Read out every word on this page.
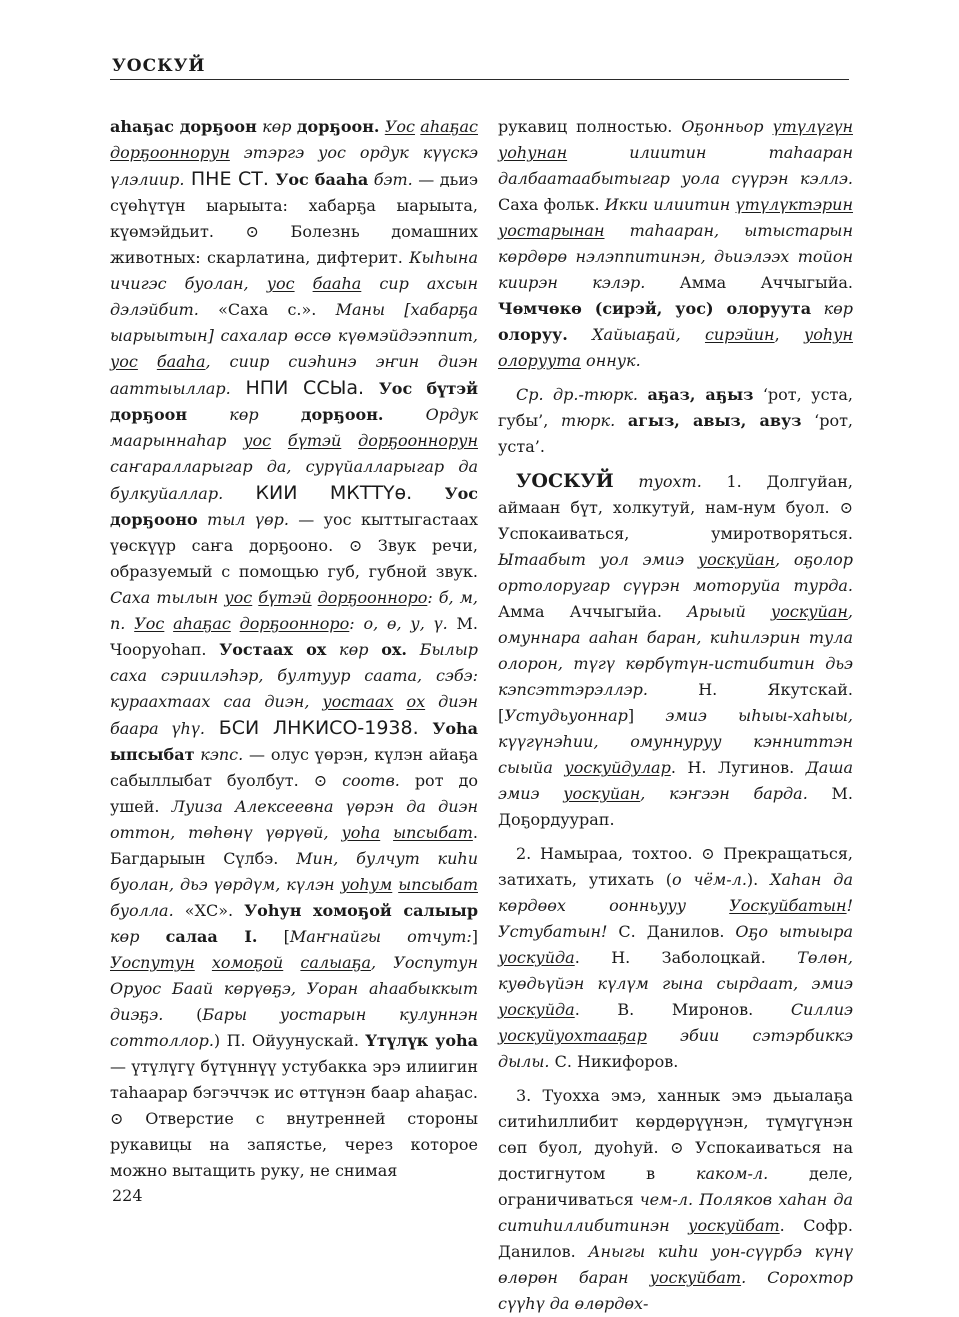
УОСКУЙ

аһаҕас дорҕоон көр дорҕоон. Уос аһаҕас дорҕооннорун этэргэ уос ордук күүскэ үлэлиир. ПНЕ СТ. Уос бааһа бэт. — дьиэ сүөһүтүн ыарыыта: хабарҕа ыарыыта, күөмэйдьит. ⊙ Болезнь домашних животных: скарлатина, дифтерит. Кыһына ичигэс буолан, уос бааһа сир ахсын дэлэйбит. «Саха с.». Маны [хабарҕа ыарыытын] сахалар өссө күөмэйдээппит, уос бааһа, сиир сиэһинэ эҥин диэн ааттыыллар. НПИ ССЫа. Уос бүтэй дорҕоон көр дорҕоон. Ордук маарыннаһар уос бүтэй дорҕооннорун саҥаралларыгар да, сурүйалларыгар да булкуйаллар. КИИ МКТТҮө. Уос дорҕооно тыл үөр. — уос кыттыгастаах үөскүүр саҥа дорҕооно. ⊙ Звук речи, образуемый с помощью губ, губной звук. Саха тылын уос бүтэй дорҕооннoро: б, м, п. Уос аһаҕас дорҕооннoро: о, ө, у, ү. М. Чооруоһап. Уостаах ох көр ох. Былыр саха сэриилэһэр, бултуур саата, сэбэ: кураахтаах саа диэн, уостаах ох диэн баара үһү. БСИ ЛНКИСО-1938. Уоһа ыпсыбат кэпс. — олус үөрэн, күлэн айаҕа сабыллыбат буолбут. ⊙ соотв. рот до ушей. Луиза Алексеевна үөрэн да диэн оттон, төһөнү үөрүөй, уоһа ыпсыбат. Багдарыын Сүлбэ. Мин, булчут киһи буолан, дьэ үөрдүм, күлэн уоһум ыпсыбат буолла. «ХС». Уоһун хомоҕой салыыр көр салаа I. [Маҥнайгы отчут:] Уоспутун хомоҕой салыаҕа, Уоспутун Оруос Баай көрүөҕэ, Уоран аһаабыккыт диэҕэ. (Бары уостарын кулуннэн соттоллор.) П. Ойуунускай. Үтүлүк уоһа — үтүлүгү бүтүннүү устубакка эрэ илиигин таһаарар бэгэччэк ис өттүнэн баар аһаҕас. ⊙ Отверстие с внутренней стороны рукавицы на запястье, через которое можно вытащить руку, не снимая

рукавиц полностью. Оҕонньор үтүлүгүн уоһунан илиитин таһааран далбаатаабытыгар уола сүүрэн кэллэ. Саха фольк. Икки илиитин үтүлүктэрин уостарынан таһааран, ытыстарын көрдөрө нэлэппитинэн, дьиэлээх тойон киирэн кэлэр. Амма Аччыгыйа. Чөмчөкө (сирэй, уос) олоруута көр олоруу. Хайыаҕай, сирэйин, уоһун олоруута оннук.

Ср. др.-тюрк. аҕаз, аҕыз ‘рот, уста, губы’, тюрк. агыз, авыз, авуз ‘рот, уста’.

УОСКУЙ туохт. 1. Долгуйан, аймаан бүт, холкутуй, нам-нум буол. ⊙ Успокаиваться, умиротворяться. Ытаабыт уол эмиэ уоскуйан, оҕолор ортолоругар сүүрэн моторуйа турда. Амма Аччыгыйа. Арыый уоскуйан, омуннара ааһан баран, киһилэрин тула олорон, түгү көрбүтүн-истибитин дьэ кэпсэттэрэллэр. Н. Якутскай. [Устудьуоннар] эмиэ ыһыы-хаһыы, күүгүнэһии, омуннуруу кэнниттэн сыыйа уоскуйдулар. Н. Лугинов. Даша эмиэ уоскуйан, кэҥээн барда. М. Доҕордуурап.

2. Намыраа, тохтоо. ⊙ Прекращаться, затихать, утихать (о чём-л.). Хаһан да көрдөөх оонньууу Уоскуйбатын! Устубатын! С. Данилов. Оҕо ытыыра уоскуйда. Н. Заболоцкай. Төлөн, куөдьүйэн күлүм гына сырдаат, эмиэ уоскуйда. В. Миронов. Силлиэ уоскуйуохтааҕар эбии сэтэрбиккэ дылы. С. Никифоров.

3. Туохха эмэ, ханнык эмэ дьыалаҕа ситиһиллибит көрдөрүүнэн, түмүгүнэн сөп буол, дуоһуй. ⊙ Успокаиваться на достигнутом в каком-л. деле, ограничиваться чем-л. Поляков хаһан да ситиһиллибитинэн уоскуйбат. Софр. Данилов. Аныгы киһи уон-сүүрбэ күнү өлөрөн баран уоскуйбат. Сорохтор сүүһү да өлөрдөх-

224
